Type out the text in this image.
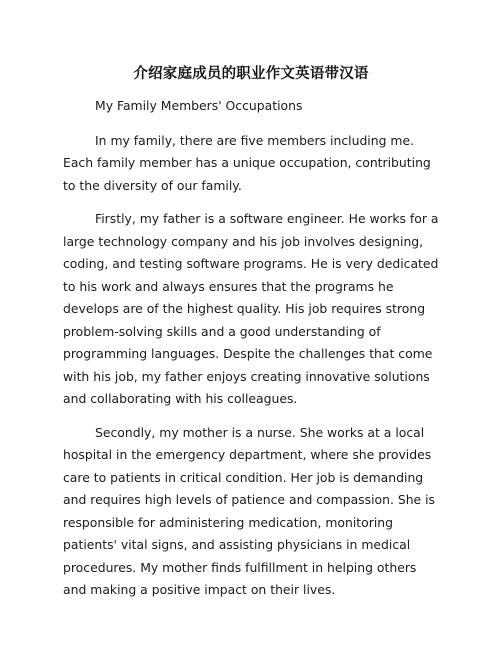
介绍家庭成员的职业作文英语带汉语

My Family Members' Occupations

In my family, there are five members including me. Each family member has a unique occupation, contributing to the diversity of our family.

Firstly, my father is a software engineer. He works for a large technology company and his job involves designing, coding, and testing software programs. He is very dedicated to his work and always ensures that the programs he develops are of the highest quality. His job requires strong problem-solving skills and a good understanding of programming languages. Despite the challenges that come with his job, my father enjoys creating innovative solutions and collaborating with his colleagues.

Secondly, my mother is a nurse. She works at a local hospital in the emergency department, where she provides care to patients in critical condition. Her job is demanding and requires high levels of patience and compassion. She is responsible for administering medication, monitoring patients' vital signs, and assisting physicians in medical procedures. My mother finds fulfillment in helping others and making a positive impact on their lives.
